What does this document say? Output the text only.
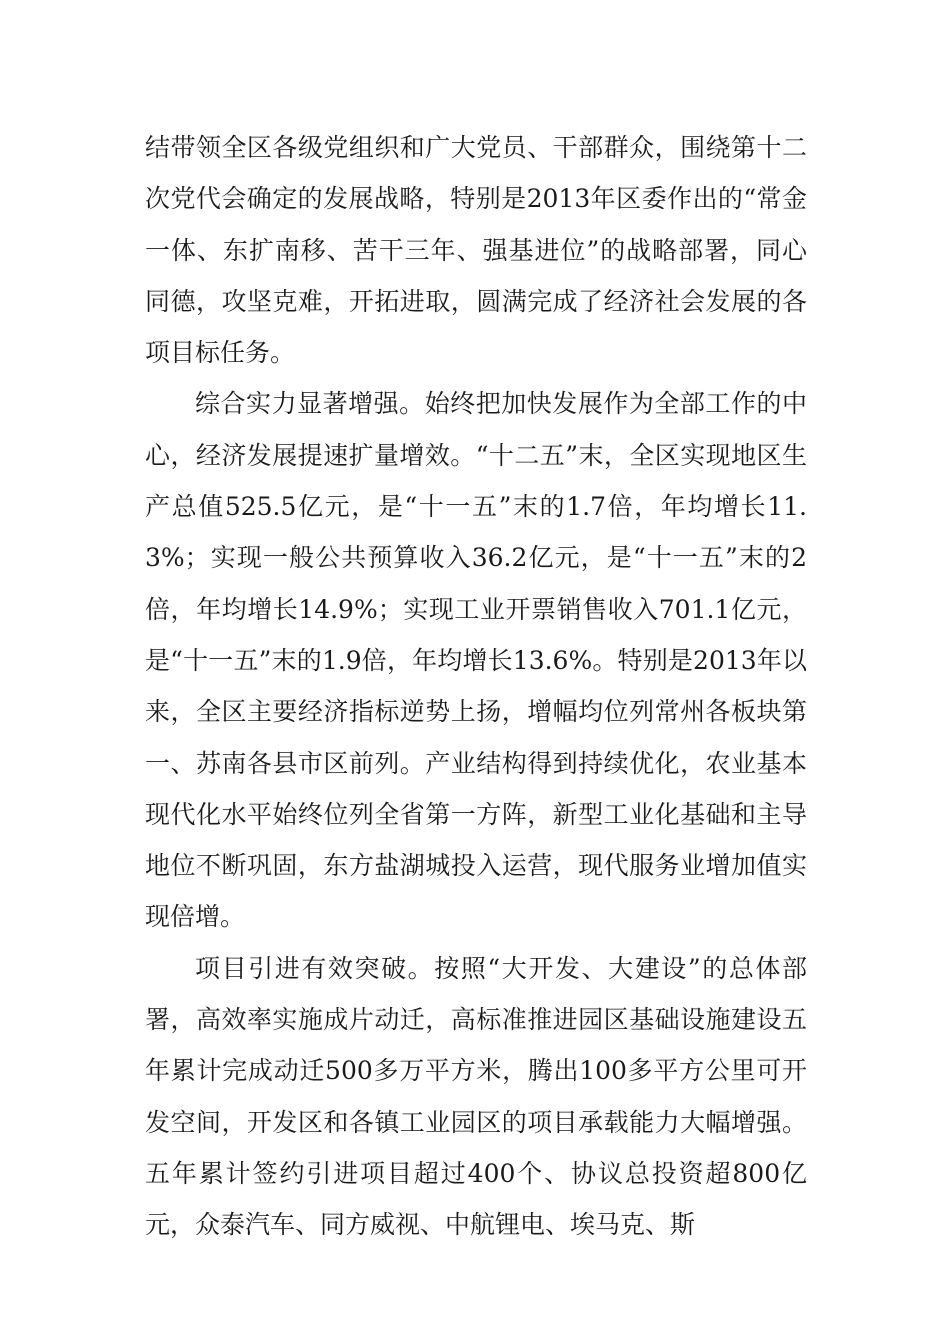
结带领全区各级党组织和广大党员、干部群众，围绕第十二次党代会确定的发展战略，特别是2013年区委作出的“常金一体、东扩南移、苦干三年、强基进位”的战略部署，同心同德，攻坚克难，开拓进取，圆满完成了经济社会发展的各项目标任务。

综合实力显著增强。始终把加快发展作为全部工作的中心，经济发展提速扩量增效。“十二五”末，全区实现地区生产总值525.5亿元，是“十一五”末的1.7倍，年均增长11.3%；实现一般公共预算收入36.2亿元，是“十一五”末的2倍，年均增长14.9%；实现工业开票销售收入701.1亿元，是“十一五”末的1.9倍，年均增长13.6%。特别是2013年以来，全区主要经济指标逆势上扬，增幅均位列常州各板块第一、苏南各县市区前列。产业结构得到持续优化，农业基本现代化水平始终位列全省第一方阵，新型工业化基础和主导地位不断巩固，东方盐湖城投入运营，现代服务业增加值实现倍增。

项目引进有效突破。按照“大开发、大建设”的总体部署，高效率实施成片动迁，高标准推进园区基础设施建设五年累计完成动迁500多万平方米，腾出100多平方公里可开发空间，开发区和各镇工业园区的项目承载能力大幅增强。五年累计签约引进项目超过400个、协议总投资超800亿元，众泰汽车、同方威视、中航锂电、埃马克、斯
